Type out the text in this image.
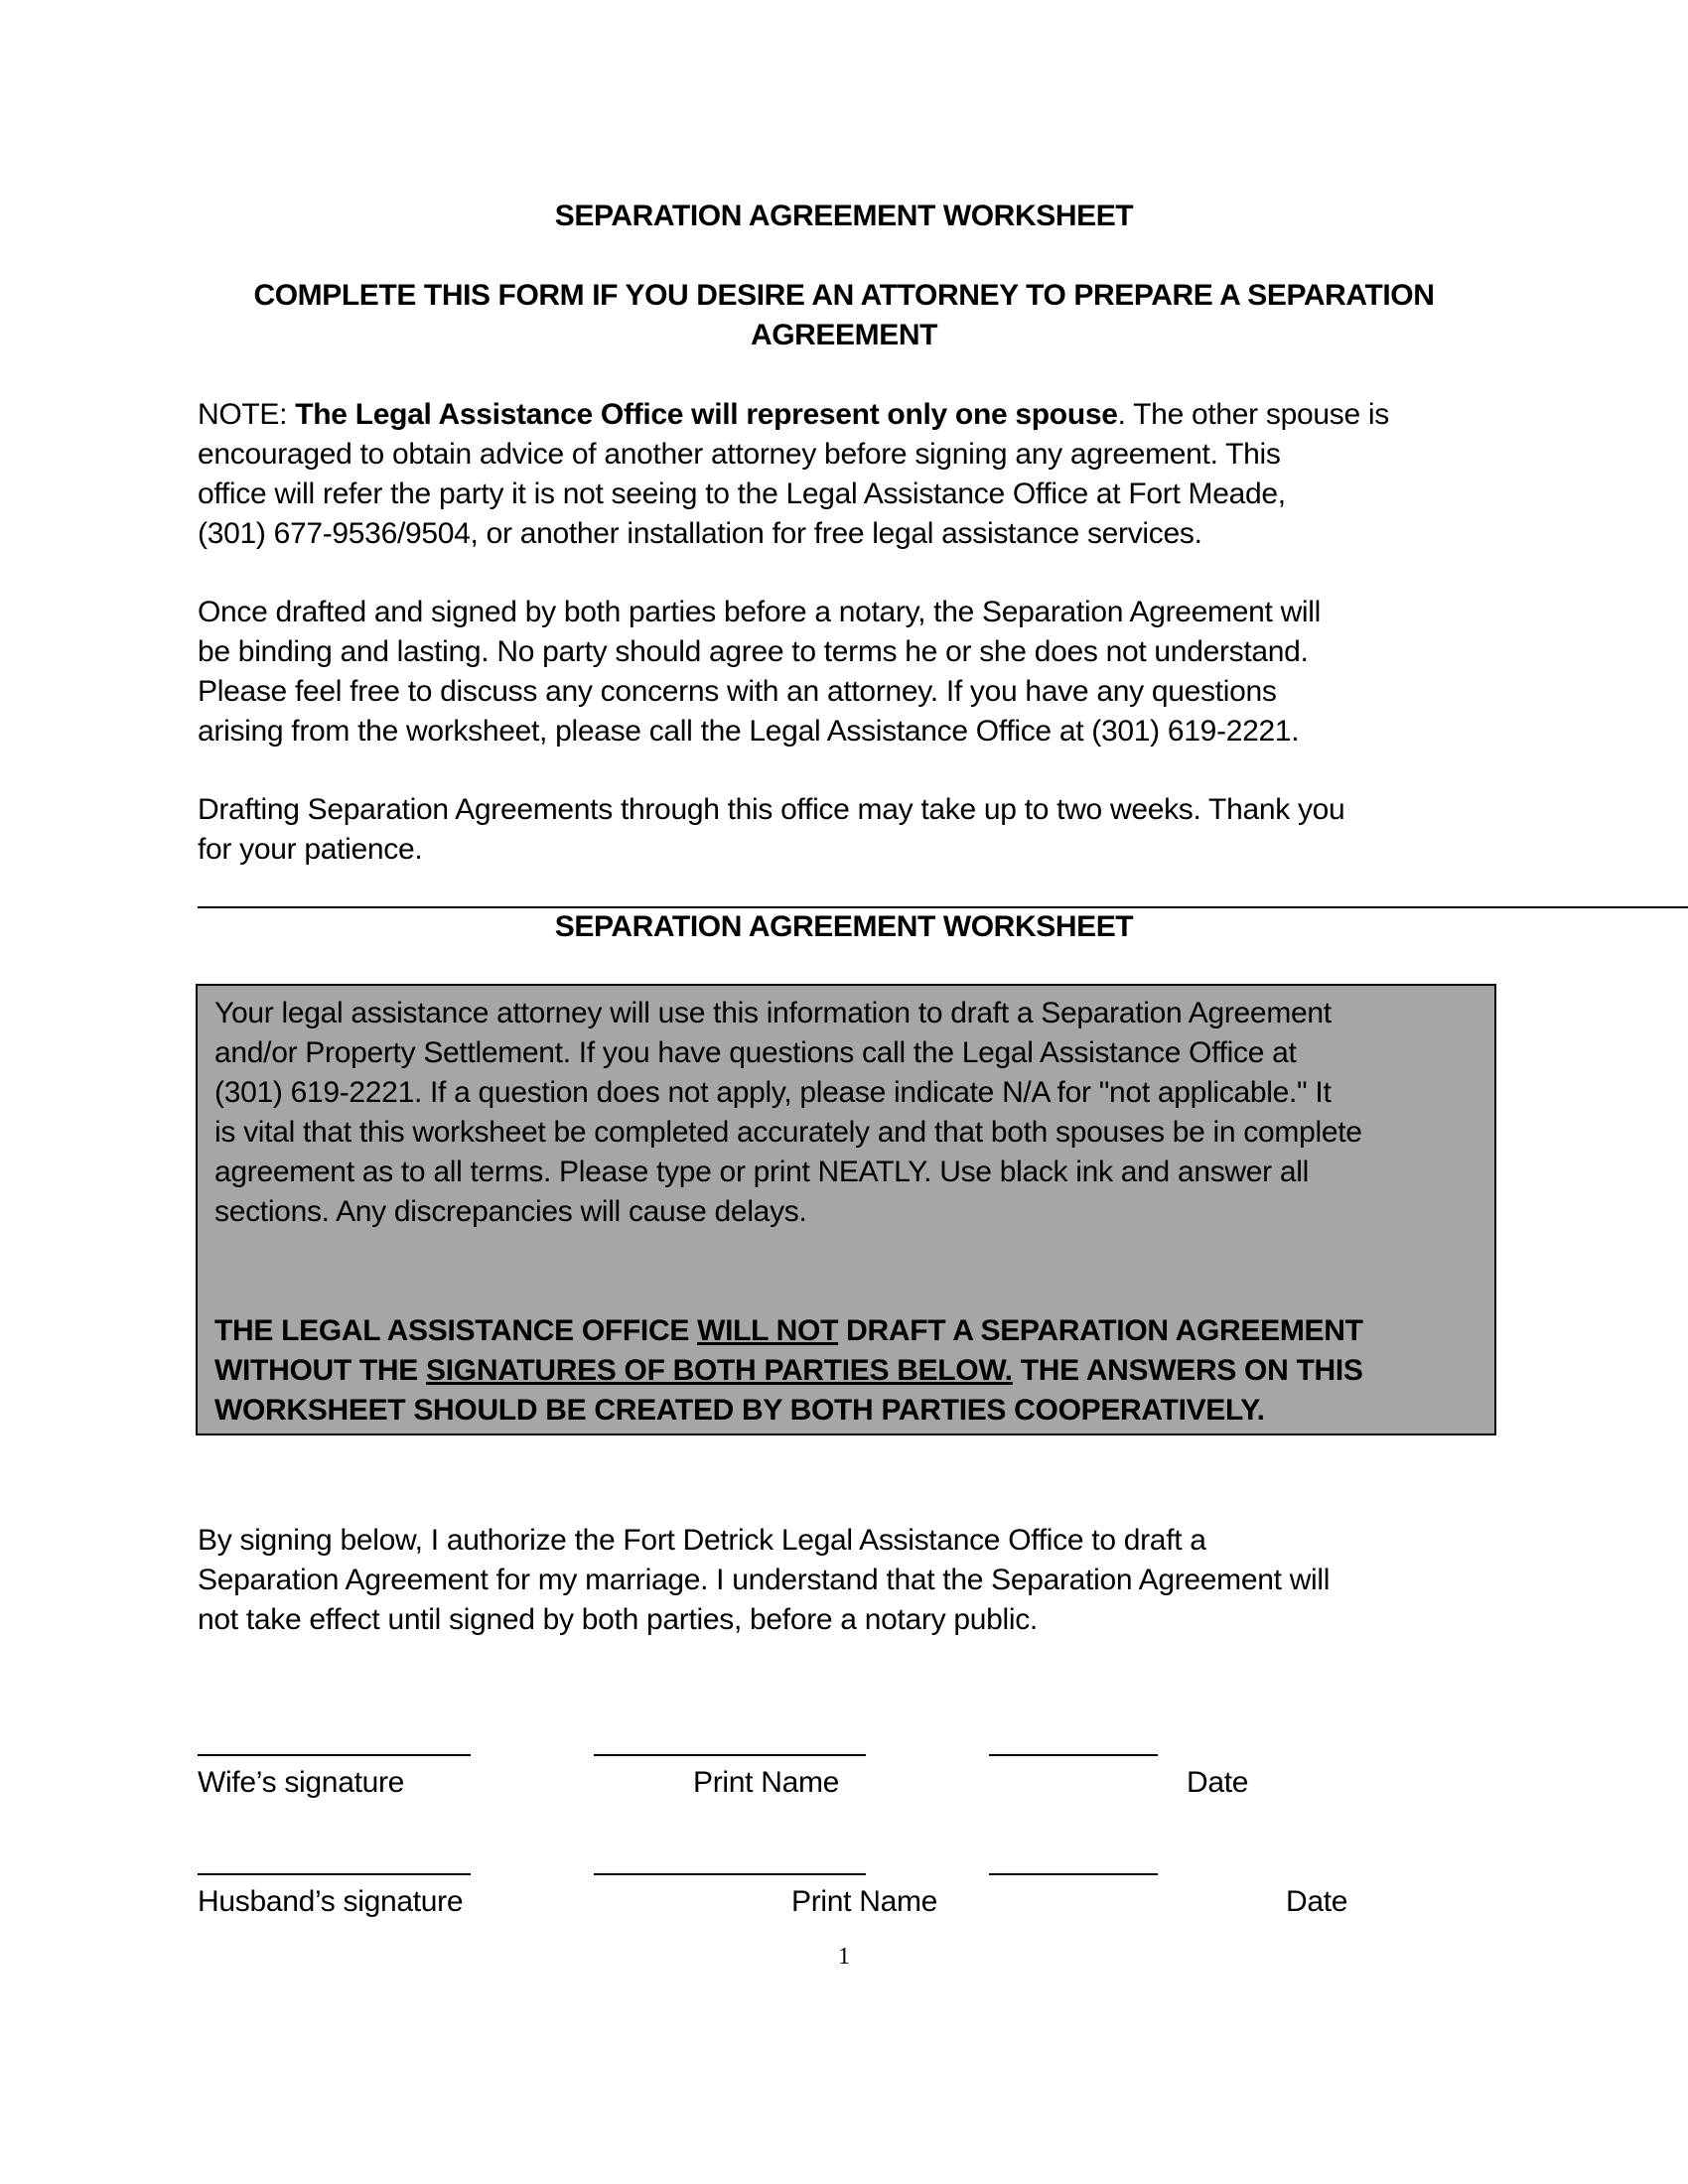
SEPARATION AGREEMENT WORKSHEET
COMPLETE THIS FORM IF YOU DESIRE AN ATTORNEY TO PREPARE A SEPARATION
AGREEMENT

NOTE: The Legal Assistance Office will represent only one spouse. The other spouse is

encouraged to obtain advice of another attorney before signing any agreement. This

office will refer the party it is not seeing to the Legal Assistance Office at Fort Meade,

(301) 677-9536/9504, or another installation for free legal assistance services.

Once drafted and signed by both parties before a notary, the Separation Agreement will

be binding and lasting. No party should agree to terms he or she does not understand.

Please feel free to discuss any concerns with an attorney. If you have any questions

arising from the worksheet, please call the Legal Assistance Office at (301) 619-2221.

Drafting Separation Agreements through this office may take up to two weeks. Thank you

for your patience.

SEPARATION AGREEMENT WORKSHEET

Your legal assistance attorney will use this information to draft a Separation Agreement

and/or Property Settlement. If you have questions call the Legal Assistance Office at

(301) 619-2221. If a question does not apply, please indicate N/A for "not applicable." It

is vital that this worksheet be completed accurately and that both spouses be in complete

agreement as to all terms. Please type or print NEATLY. Use black ink and answer all

sections. Any discrepancies will cause delays.

THE LEGAL ASSISTANCE OFFICE WILL NOT DRAFT A SEPARATION AGREEMENT

WITHOUT THE SIGNATURES OF BOTH PARTIES BELOW. THE ANSWERS ON THIS

WORKSHEET SHOULD BE CREATED BY BOTH PARTIES COOPERATIVELY.

By signing below, I authorize the Fort Detrick Legal Assistance Office to draft a

Separation Agreement for my marriage. I understand that the Separation Agreement will

not take effect until signed by both parties, before a notary public.

Wife’s signature	Print Name	Date
Husband’s signature	Print Name	Date
1
